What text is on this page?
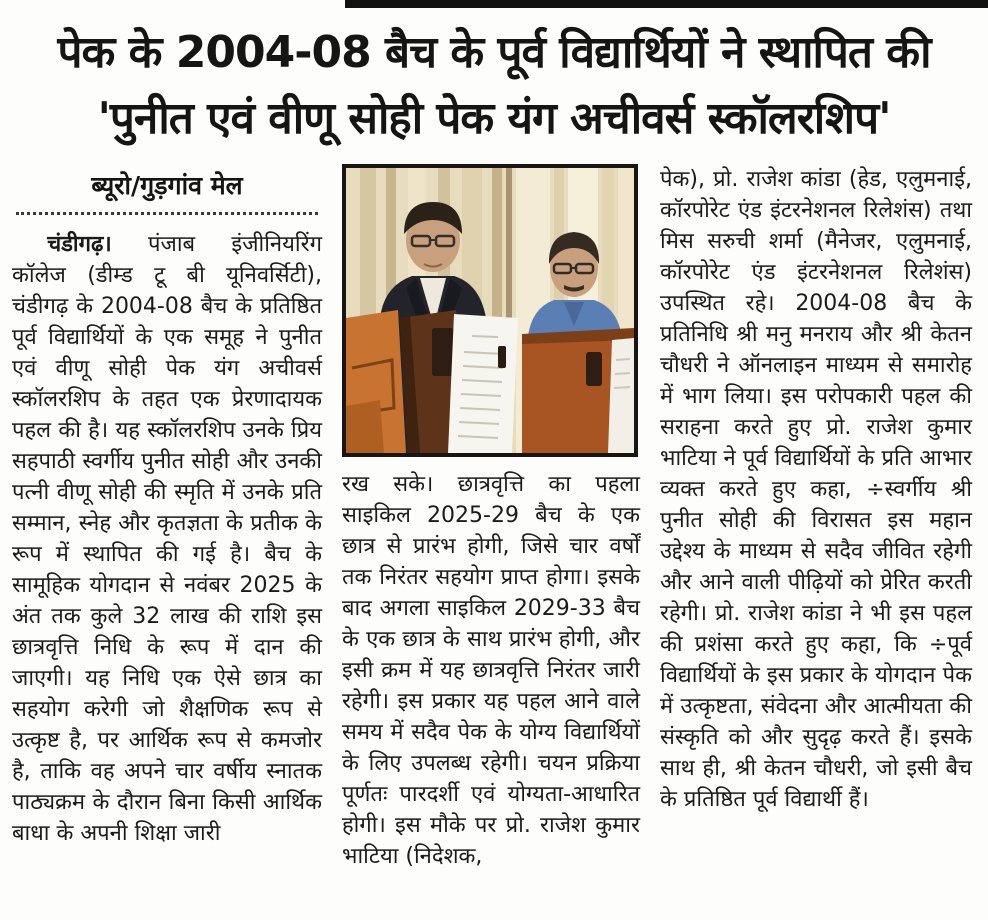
पेक के 2004-08 बैच के पूर्व विद्यार्थियों ने स्थापित की
'पुनीत एवं वीणू सोही पेक यंग अचीवर्स स्कॉलरशिप'
ब्यूरो/गुड़गांव मेल

चंडीगढ़। पंजाब इंजीनियरिंग कॉलेज (डीम्ड टू बी यूनिवर्सिटी), चंडीगढ़ के 2004-08 बैच के प्रतिष्ठित पूर्व विद्यार्थियों के एक समूह ने पुनीत एवं वीणू सोही पेक यंग अचीवर्स स्कॉलरशिप के तहत एक प्रेरणादायक पहल की है। यह स्कॉलरशिप उनके प्रिय सहपाठी स्वर्गीय पुनीत सोही और उनकी पत्नी वीणू सोही की स्मृति में उनके प्रति सम्मान, स्नेह और कृतज्ञता के प्रतीक के रूप में स्थापित की गई है। बैच के सामूहिक योगदान से नवंबर 2025 के अंत तक कुले 32 लाख की राशि इस छात्रवृत्ति निधि के रूप में दान की जाएगी। यह निधि एक ऐसे छात्र का सहयोग करेगी जो शैक्षणिक रूप से उत्कृष्ट है, पर आर्थिक रूप से कमजोर है, ताकि वह अपने चार वर्षीय स्नातक पाठ्यक्रम के दौरान बिना किसी आर्थिक बाधा के अपनी शिक्षा जारी

रख सके। छात्रवृत्ति का पहला साइकिल 2025-29 बैच के एक छात्र से प्रारंभ होगी, जिसे चार वर्षों तक निरंतर सहयोग प्राप्त होगा। इसके बाद अगला साइकिल 2029-33 बैच के एक छात्र के साथ प्रारंभ होगी, और इसी क्रम में यह छात्रवृत्ति निरंतर जारी रहेगी। इस प्रकार यह पहल आने वाले समय में सदैव पेक के योग्य विद्यार्थियों के लिए उपलब्ध रहेगी। चयन प्रक्रिया पूर्णतः पारदर्शी एवं योग्यता-आधारित होगी। इस मौके पर प्रो. राजेश कुमार भाटिया (निदेशक,

पेक), प्रो. राजेश कांडा (हेड, एलुमनाई, कॉरपोरेट एंड इंटरनेशनल रिलेशंस) तथा मिस सरुची शर्मा (मैनेजर, एलुमनाई, कॉरपोरेट एंड इंटरनेशनल रिलेशंस) उपस्थित रहे। 2004-08 बैच के प्रतिनिधि श्री मनु मनराय और श्री केतन चौधरी ने ऑनलाइन माध्यम से समारोह में भाग लिया। इस परोपकारी पहल की सराहना करते हुए प्रो. राजेश कुमार भाटिया ने पूर्व विद्यार्थियों के प्रति आभार व्यक्त करते हुए कहा, ÷स्वर्गीय श्री पुनीत सोही की विरासत इस महान उद्देश्य के माध्यम से सदैव जीवित रहेगी और आने वाली पीढ़ियों को प्रेरित करती रहेगी। प्रो. राजेश कांडा ने भी इस पहल की प्रशंसा करते हुए कहा, कि ÷पूर्व विद्यार्थियों के इस प्रकार के योगदान पेक में उत्कृष्टता, संवेदना और आत्मीयता की संस्कृति को और सुदृढ़ करते हैं। इसके साथ ही, श्री केतन चौधरी, जो इसी बैच के प्रतिष्ठित पूर्व विद्यार्थी हैं।
